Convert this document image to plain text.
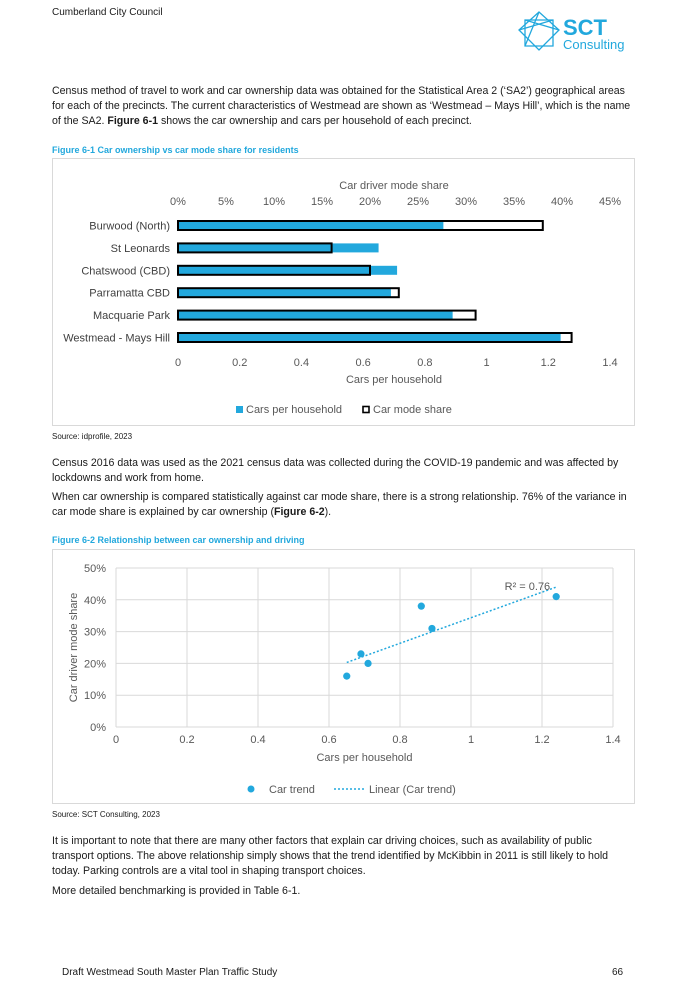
Cumberland City Council
SCT
Consulting

Census method of travel to work and car ownership data was obtained for the Statistical Area 2 (‘SA2’) geographical areas for each of the precincts. The current characteristics of Westmead are shown as ‘Westmead – Mays Hill’, which is the name of the SA2. Figure 6-1 shows the car ownership and cars per household of each precinct.

Figure 6-1 Car ownership vs car mode share for residents
Car driver mode share
0%	5%	10% 15% 20% 25% 30% 35% 40% 45%
0	0.2	0.4	0.6	0.8	1	1.2	1.4
Cars per household
Burwood (North)
St Leonards
Chatswood (CBD)
Parramatta CBD
Macquarie Park
Westmead - Mays Hill
Cars per household	Car mode share
Source: idprofile, 2023

Census 2016 data was used as the 2021 census data was collected during the COVID-19 pandemic and was affected by lockdowns and work from home.

When car ownership is compared statistically against car mode share, there is a strong relationship. 76% of the variance in car mode share is explained by car ownership (Figure 6-2).

Figure 6-2 Relationship between car ownership and driving
0	0.2	0.4	0.6	0.8	1	1.2	1.4
0%
10%
20%
30%
40%
50%
Cars per household
Car driver mode share
R² = 0.76
Car trend	Linear (Car trend)
Source: SCT Consulting, 2023

It is important to note that there are many other factors that explain car driving choices, such as availability of public transport options. The above relationship simply shows that the trend identified by McKibbin in 2011 is still likely to hold today. Parking controls are a vital tool in shaping transport choices.

More detailed benchmarking is provided in Table 6-1.

Draft Westmead South Master Plan Traffic Study	66
